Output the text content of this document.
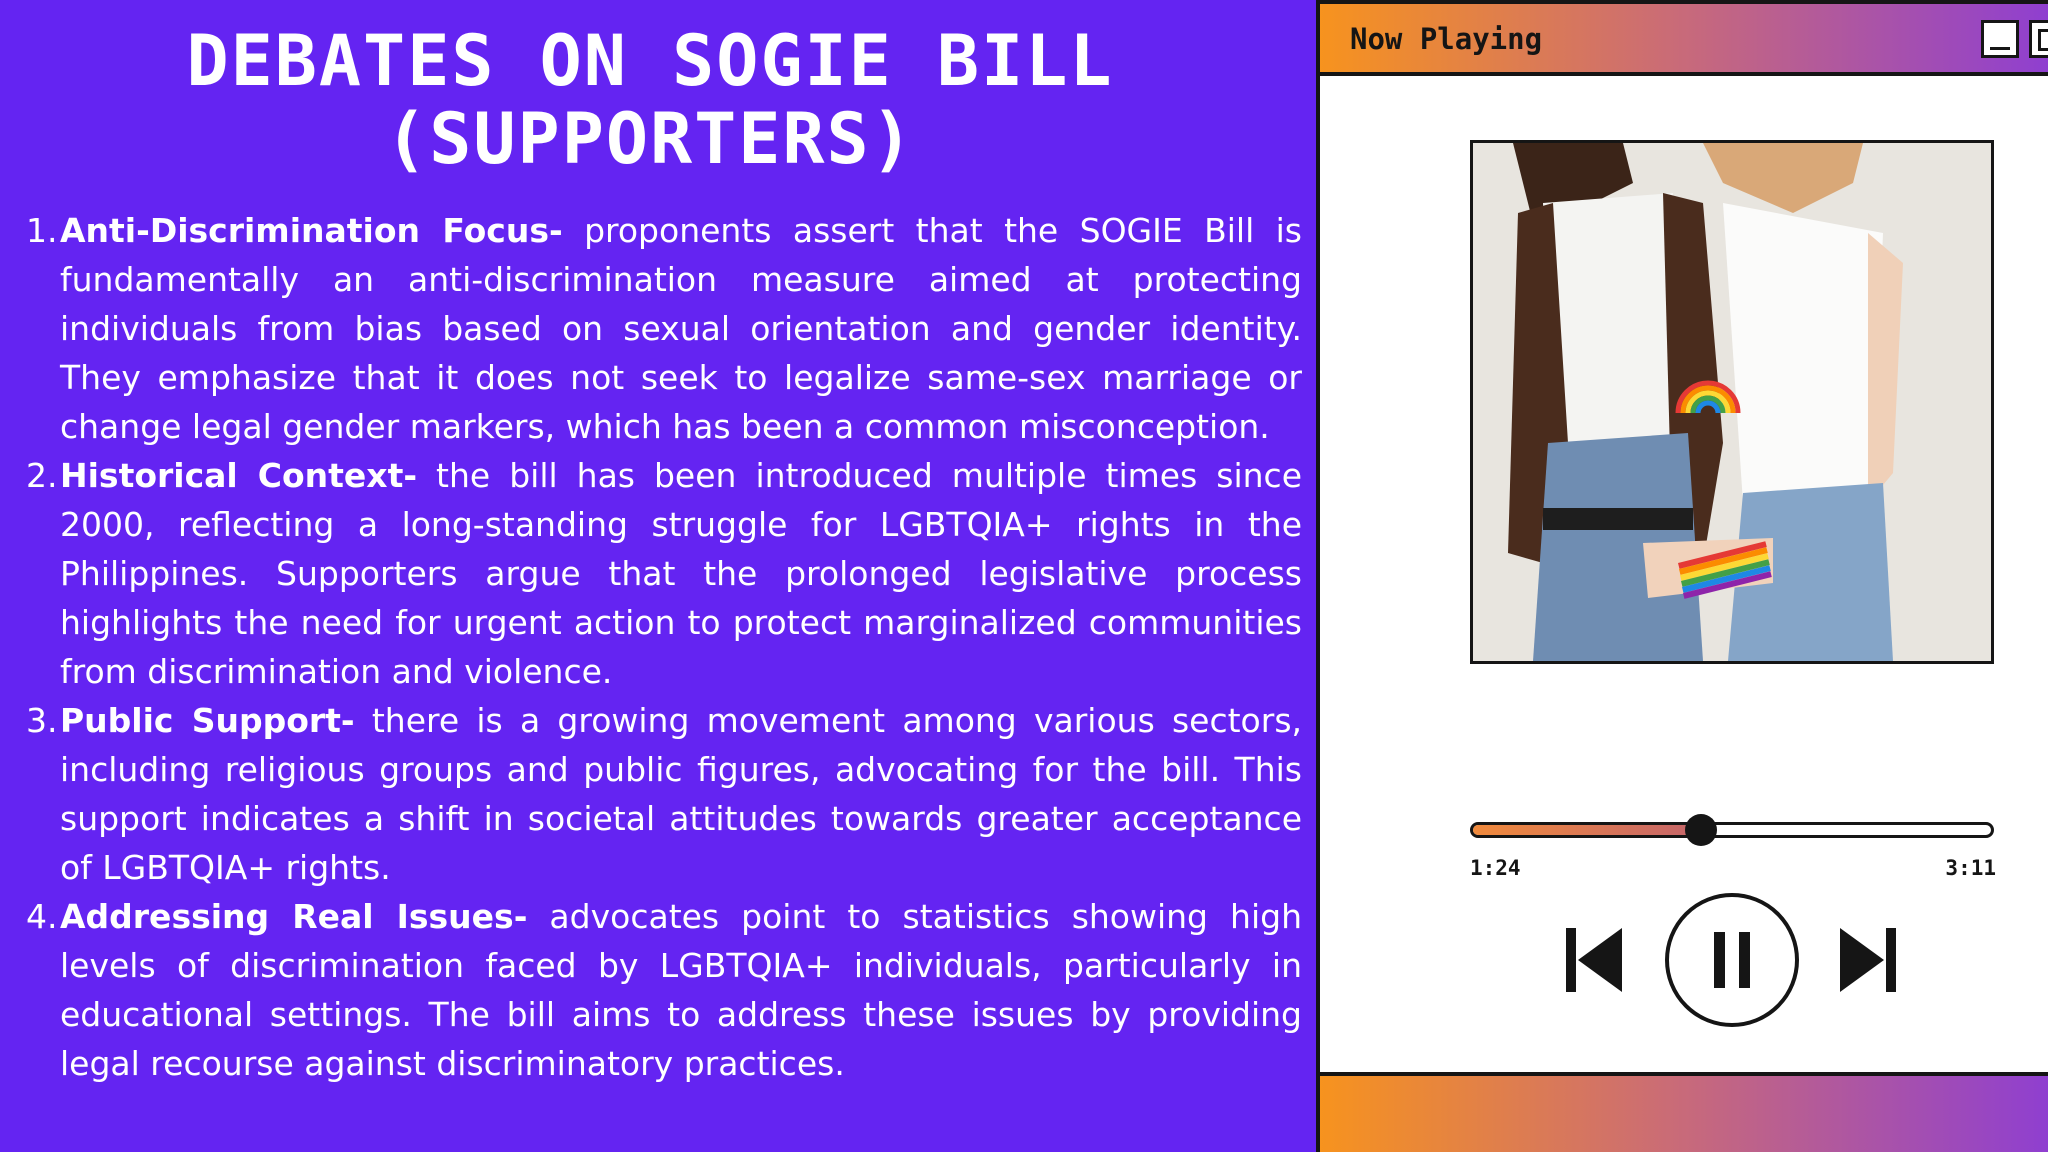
DEBATES ON SOGIE BILL
(SUPPORTERS)
1. Anti-Discrimination Focus- proponents assert that the SOGIE Bill is fundamentally an anti-discrimination measure aimed at protecting individuals from bias based on sexual orientation and gender identity. They emphasize that it does not seek to legalize same-sex marriage or change legal gender markers, which has been a common misconception.
2. Historical Context- the bill has been introduced multiple times since 2000, reflecting a long-standing struggle for LGBTQIA+ rights in the Philippines. Supporters argue that the prolonged legislative process highlights the need for urgent action to protect marginalized communities from discrimination and violence.
3. Public Support- there is a growing movement among various sectors, including religious groups and public figures, advocating for the bill. This support indicates a shift in societal attitudes towards greater acceptance of LGBTQIA+ rights.
4. Addressing Real Issues- advocates point to statistics showing high levels of discrimination faced by LGBTQIA+ individuals, particularly in educational settings. The bill aims to address these issues by providing legal recourse against discriminatory practices.
Now Playing
1:24	3:11
